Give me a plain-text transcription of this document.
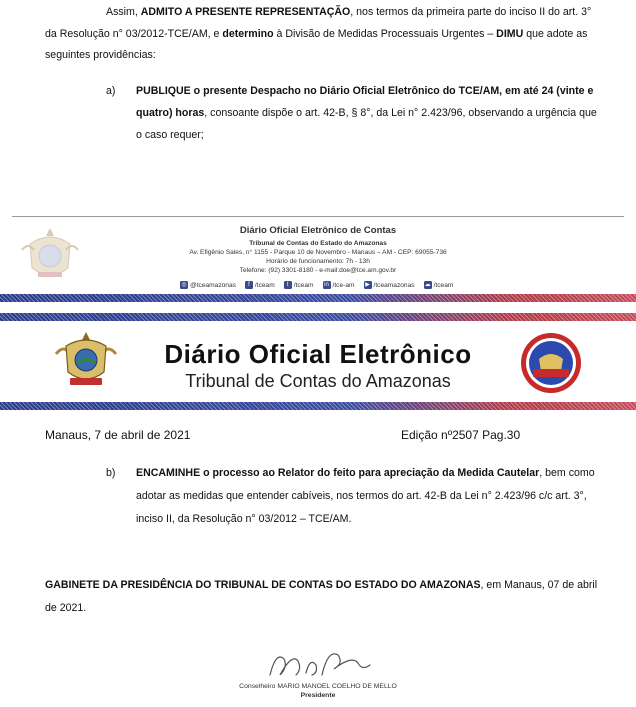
Assim, ADMITO A PRESENTE REPRESENTAÇÃO, nos termos da primeira parte do inciso II do art. 3°
da Resolução n° 03/2012-TCE/AM, e determino à Divisão de Medidas Processuais Urgentes – DIMU que adote as
seguintes providências:
a) PUBLIQUE o presente Despacho no Diário Oficial Eletrônico do TCE/AM, em até 24 (vinte e
quatro) horas, consoante dispõe o art. 42-B, § 8°, da Lei n° 2.423/96, observando a urgência que
o caso requer;
Diário Oficial Eletrônico de Contas
Tribunal de Contas do Estado do Amazonas
Av. Efigênio Sales, n° 1155 - Parque 10 de Novembro - Manaus – AM - CEP: 69055-736
Horário de funcionamento: 7h - 13h
Telefone: (92) 3301-8180 - e-mail:doe@tce.am.gov.br
◎ @tceamazonas	f /tceam	t /tceam in /tce-am ▶ /tceamazonas ☁ /tceam
Diário Oficial Eletrônico
Tribunal de Contas do Amazonas
Manaus, 7 de abril de 2021	Edição nº2507 Pag.30
b) ENCAMINHE o processo ao Relator do feito para apreciação da Medida Cautelar, bem como
adotar as medidas que entender cabíveis, nos termos do art. 42-B da Lei n° 2.423/96 c/c art. 3°,
inciso II, da Resolução n° 03/2012 – TCE/AM.
GABINETE DA PRESIDÊNCIA DO TRIBUNAL DE CONTAS DO ESTADO DO AMAZONAS, em Manaus, 07 de abril
de 2021.
Conselheiro MARIO MANOEL COELHO DE MELLO
Presidente
